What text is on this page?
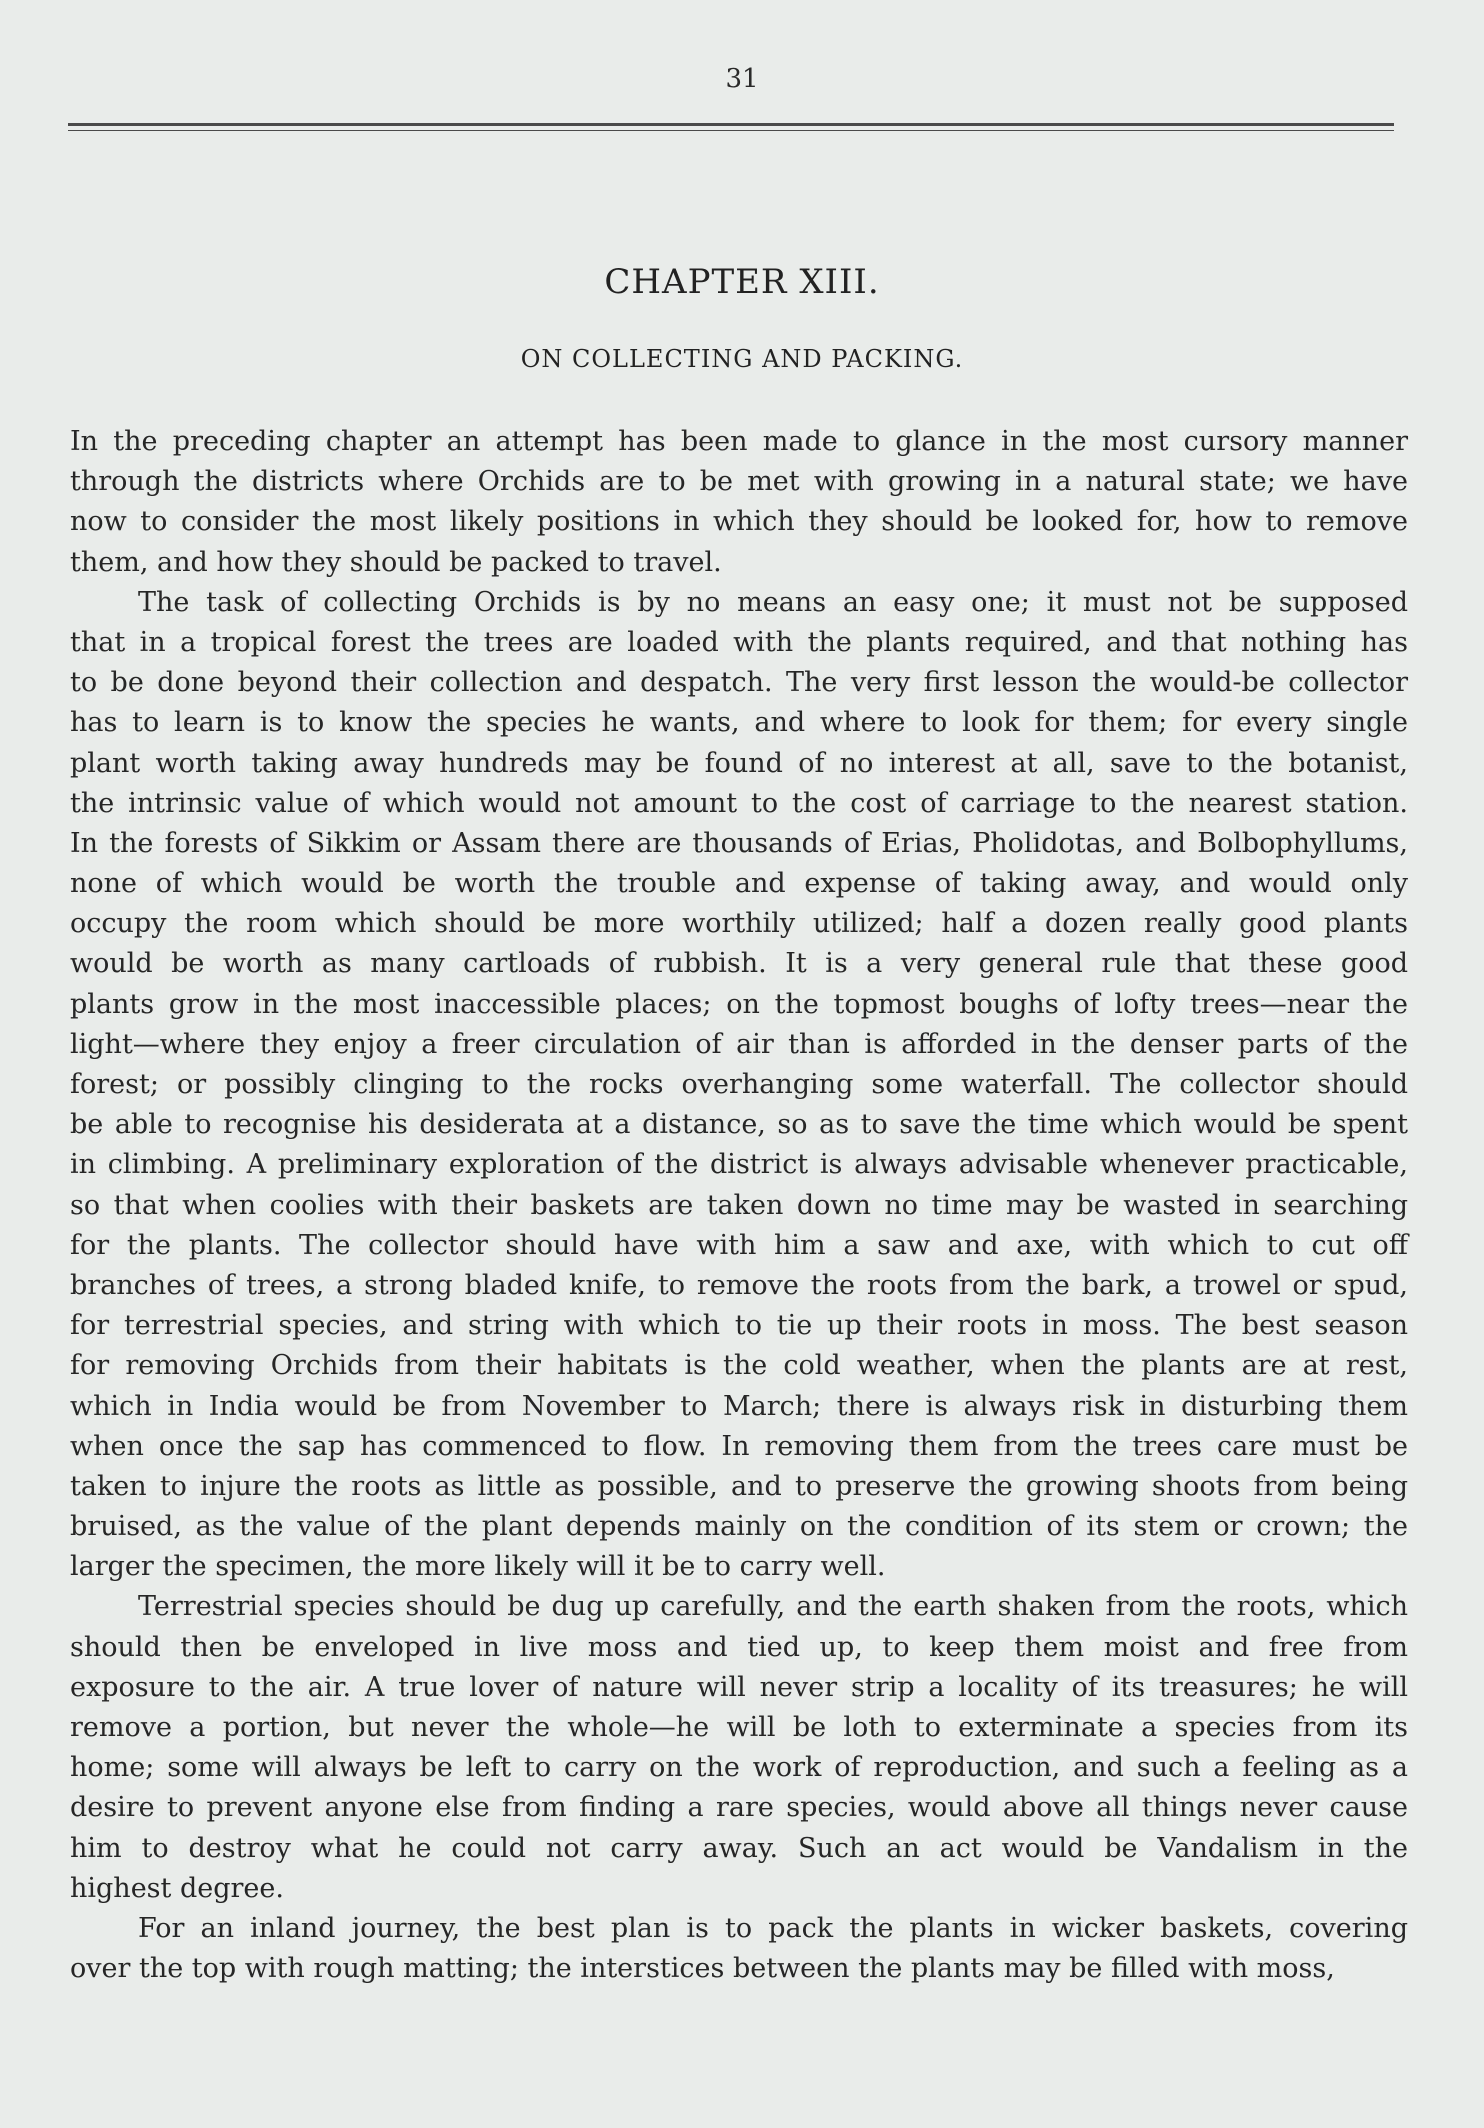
31
CHAPTER XIII.
ON COLLECTING AND PACKING.
In the preceding chapter an attempt has been made to glance in the most cursory manner
through the districts where Orchids are to be met with growing in a natural state; we have
now to consider the most likely positions in which they should be looked for, how to remove
them, and how they should be packed to travel.
The task of collecting Orchids is by no means an easy one; it must not be supposed
that in a tropical forest the trees are loaded with the plants required, and that nothing has
to be done beyond their collection and despatch. The very first lesson the would-be collector
has to learn is to know the species he wants, and where to look for them; for every single
plant worth taking away hundreds may be found of no interest at all, save to the botanist,
the intrinsic value of which would not amount to the cost of carriage to the nearest station.
In the forests of Sikkim or Assam there are thousands of Erias, Pholidotas, and Bolbophyllums,
none of which would be worth the trouble and expense of taking away, and would only
occupy the room which should be more worthily utilized; half a dozen really good plants
would be worth as many cartloads of rubbish. It is a very general rule that these good
plants grow in the most inaccessible places; on the topmost boughs of lofty trees—near the
light—where they enjoy a freer circulation of air than is afforded in the denser parts of the
forest; or possibly clinging to the rocks overhanging some waterfall. The collector should
be able to recognise his desiderata at a distance, so as to save the time which would be spent
in climbing. A preliminary exploration of the district is always advisable whenever practicable,
so that when coolies with their baskets are taken down no time may be wasted in searching
for the plants. The collector should have with him a saw and axe, with which to cut off
branches of trees, a strong bladed knife, to remove the roots from the bark, a trowel or spud,
for terrestrial species, and string with which to tie up their roots in moss. The best season
for removing Orchids from their habitats is the cold weather, when the plants are at rest,
which in India would be from November to March; there is always risk in disturbing them
when once the sap has commenced to flow. In removing them from the trees care must be
taken to injure the roots as little as possible, and to preserve the growing shoots from being
bruised, as the value of the plant depends mainly on the condition of its stem or crown; the
larger the specimen, the more likely will it be to carry well.
Terrestrial species should be dug up carefully, and the earth shaken from the roots, which
should then be enveloped in live moss and tied up, to keep them moist and free from
exposure to the air. A true lover of nature will never strip a locality of its treasures; he will
remove a portion, but never the whole—he will be loth to exterminate a species from its
home; some will always be left to carry on the work of reproduction, and such a feeling as a
desire to prevent anyone else from finding a rare species, would above all things never cause
him to destroy what he could not carry away. Such an act would be Vandalism in the
highest degree.
For an inland journey, the best plan is to pack the plants in wicker baskets, covering
over the top with rough matting; the interstices between the plants may be filled with moss,
